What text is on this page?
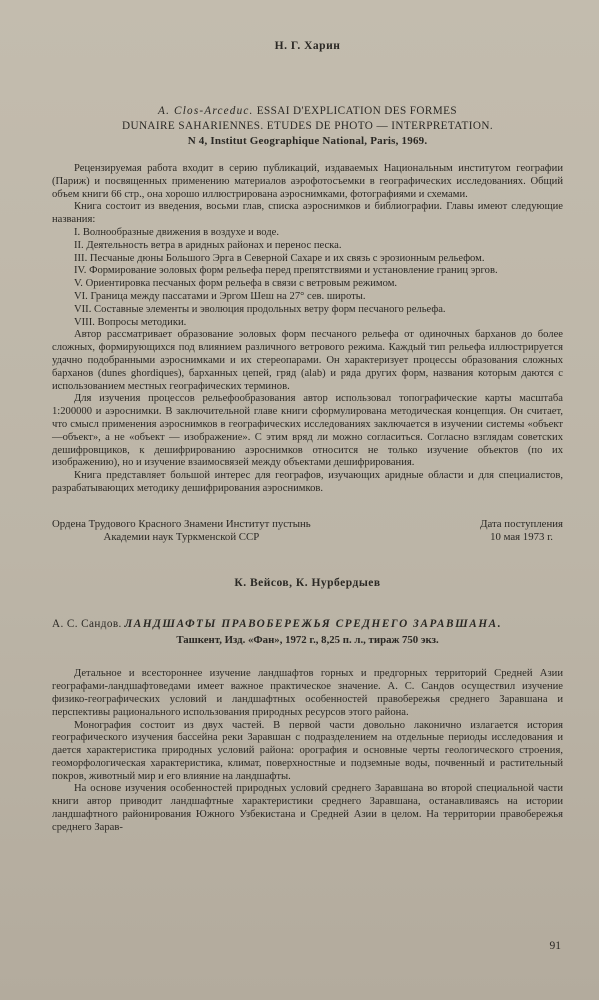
Н. Г. Харин

A. Clos-Arceduc. ESSAI D'EXPLICATION DES FORMES
DUNAIRE SAHARIENNES. ETUDES DE PHOTO — INTERPRETATION.
N 4, Institut Geographique National, Paris, 1969.

Рецензируемая работа входит в серию публикаций, издаваемых Национальным институтом географии (Париж) и посвященных применению материалов аэрофотосъемки в географических исследованиях. Общий объем книги 66 стр., она хорошо иллюстрирована аэроснимками, фотографиями и схемами.

Книга состоит из введения, восьми глав, списка аэроснимков и библиографии. Главы имеют следующие названия:

I. Волнообразные движения в воздухе и воде.

II. Деятельность ветра в аридных районах и перенос песка.

III. Песчаные дюны Большого Эрга в Северной Сахаре и их связь с эрозионным рельефом.

IV. Формирование эоловых форм рельефа перед препятствиями и установление границ эргов.

V. Ориентировка песчаных форм рельефа в связи с ветровым режимом.

VI. Граница между пассатами и Эргом Шеш на 27° сев. широты.

VII. Составные элементы и эволюция продольных ветру форм песчаного рельефа.

VIII. Вопросы методики.

Автор рассматривает образование эоловых форм песчаного рельефа от одиночных барханов до более сложных, формирующихся под влиянием различного ветрового режима. Каждый тип рельефа иллюстрируется удачно подобранными аэроснимками и их стереопарами. Он характеризует процессы образования сложных барханов (dunes ghordiques), барханных цепей, гряд (alab) и ряда других форм, названия которым даются с использованием местных географических терминов.

Для изучения процессов рельефообразования автор использовал топографические карты масштаба 1:200000 и аэроснимки. В заключительной главе книги сформулирована методическая концепция. Он считает, что смысл применения аэроснимков в географических исследованиях заключается в изучении системы «объект—объект», а не «объект — изображение». С этим вряд ли можно согласиться. Согласно взглядам советских дешифровщиков, к дешифрированию аэроснимков относится не только изучение объектов (по их изображению), но и изучение взаимосвязей между объектами дешифрирования.

Книга представляет большой интерес для географов, изучающих аридные области и для специалистов, разрабатывающих методику дешифрирования аэроснимков.

Ордена Трудового Красного Знамени Институт пустынь
Академии наук Туркменской ССР
Дата поступления
10 мая 1973 г.

К. Вейсов, К. Нурбердыев

А. С. Сандов. ЛАНДШАФТЫ ПРАВОБЕРЕЖЬЯ СРЕДНЕГО ЗАРАВШАНА.

Ташкент, Изд. «Фан», 1972 г., 8,25 п. л., тираж 750 экз.

Детальное и всестороннее изучение ландшафтов горных и предгорных территорий Средней Азии географами-ландшафтоведами имеет важное практическое значение. А. С. Сандов осуществил изучение физико-географических условий и ландшафтных особенностей правобережья среднего Заравшана и перспективы рационального использования природных ресурсов этого района.

Монография состоит из двух частей. В первой части довольно лаконично излагается история географического изучения бассейна реки Заравшан с подразделением на отдельные периоды исследования и дается характеристика природных условий района: орография и основные черты геологического строения, геоморфологическая характеристика, климат, поверхностные и подземные воды, почвенный и растительный покров, животный мир и его влияние на ландшафты.

На основе изучения особенностей природных условий среднего Заравшана во второй специальной части книги автор приводит ландшафтные характеристики среднего Заравшана, останавливаясь на истории ландшафтного районирования Южного Узбекистана и Средней Азии в целом. На территории правобережья среднего Зарав-

91
